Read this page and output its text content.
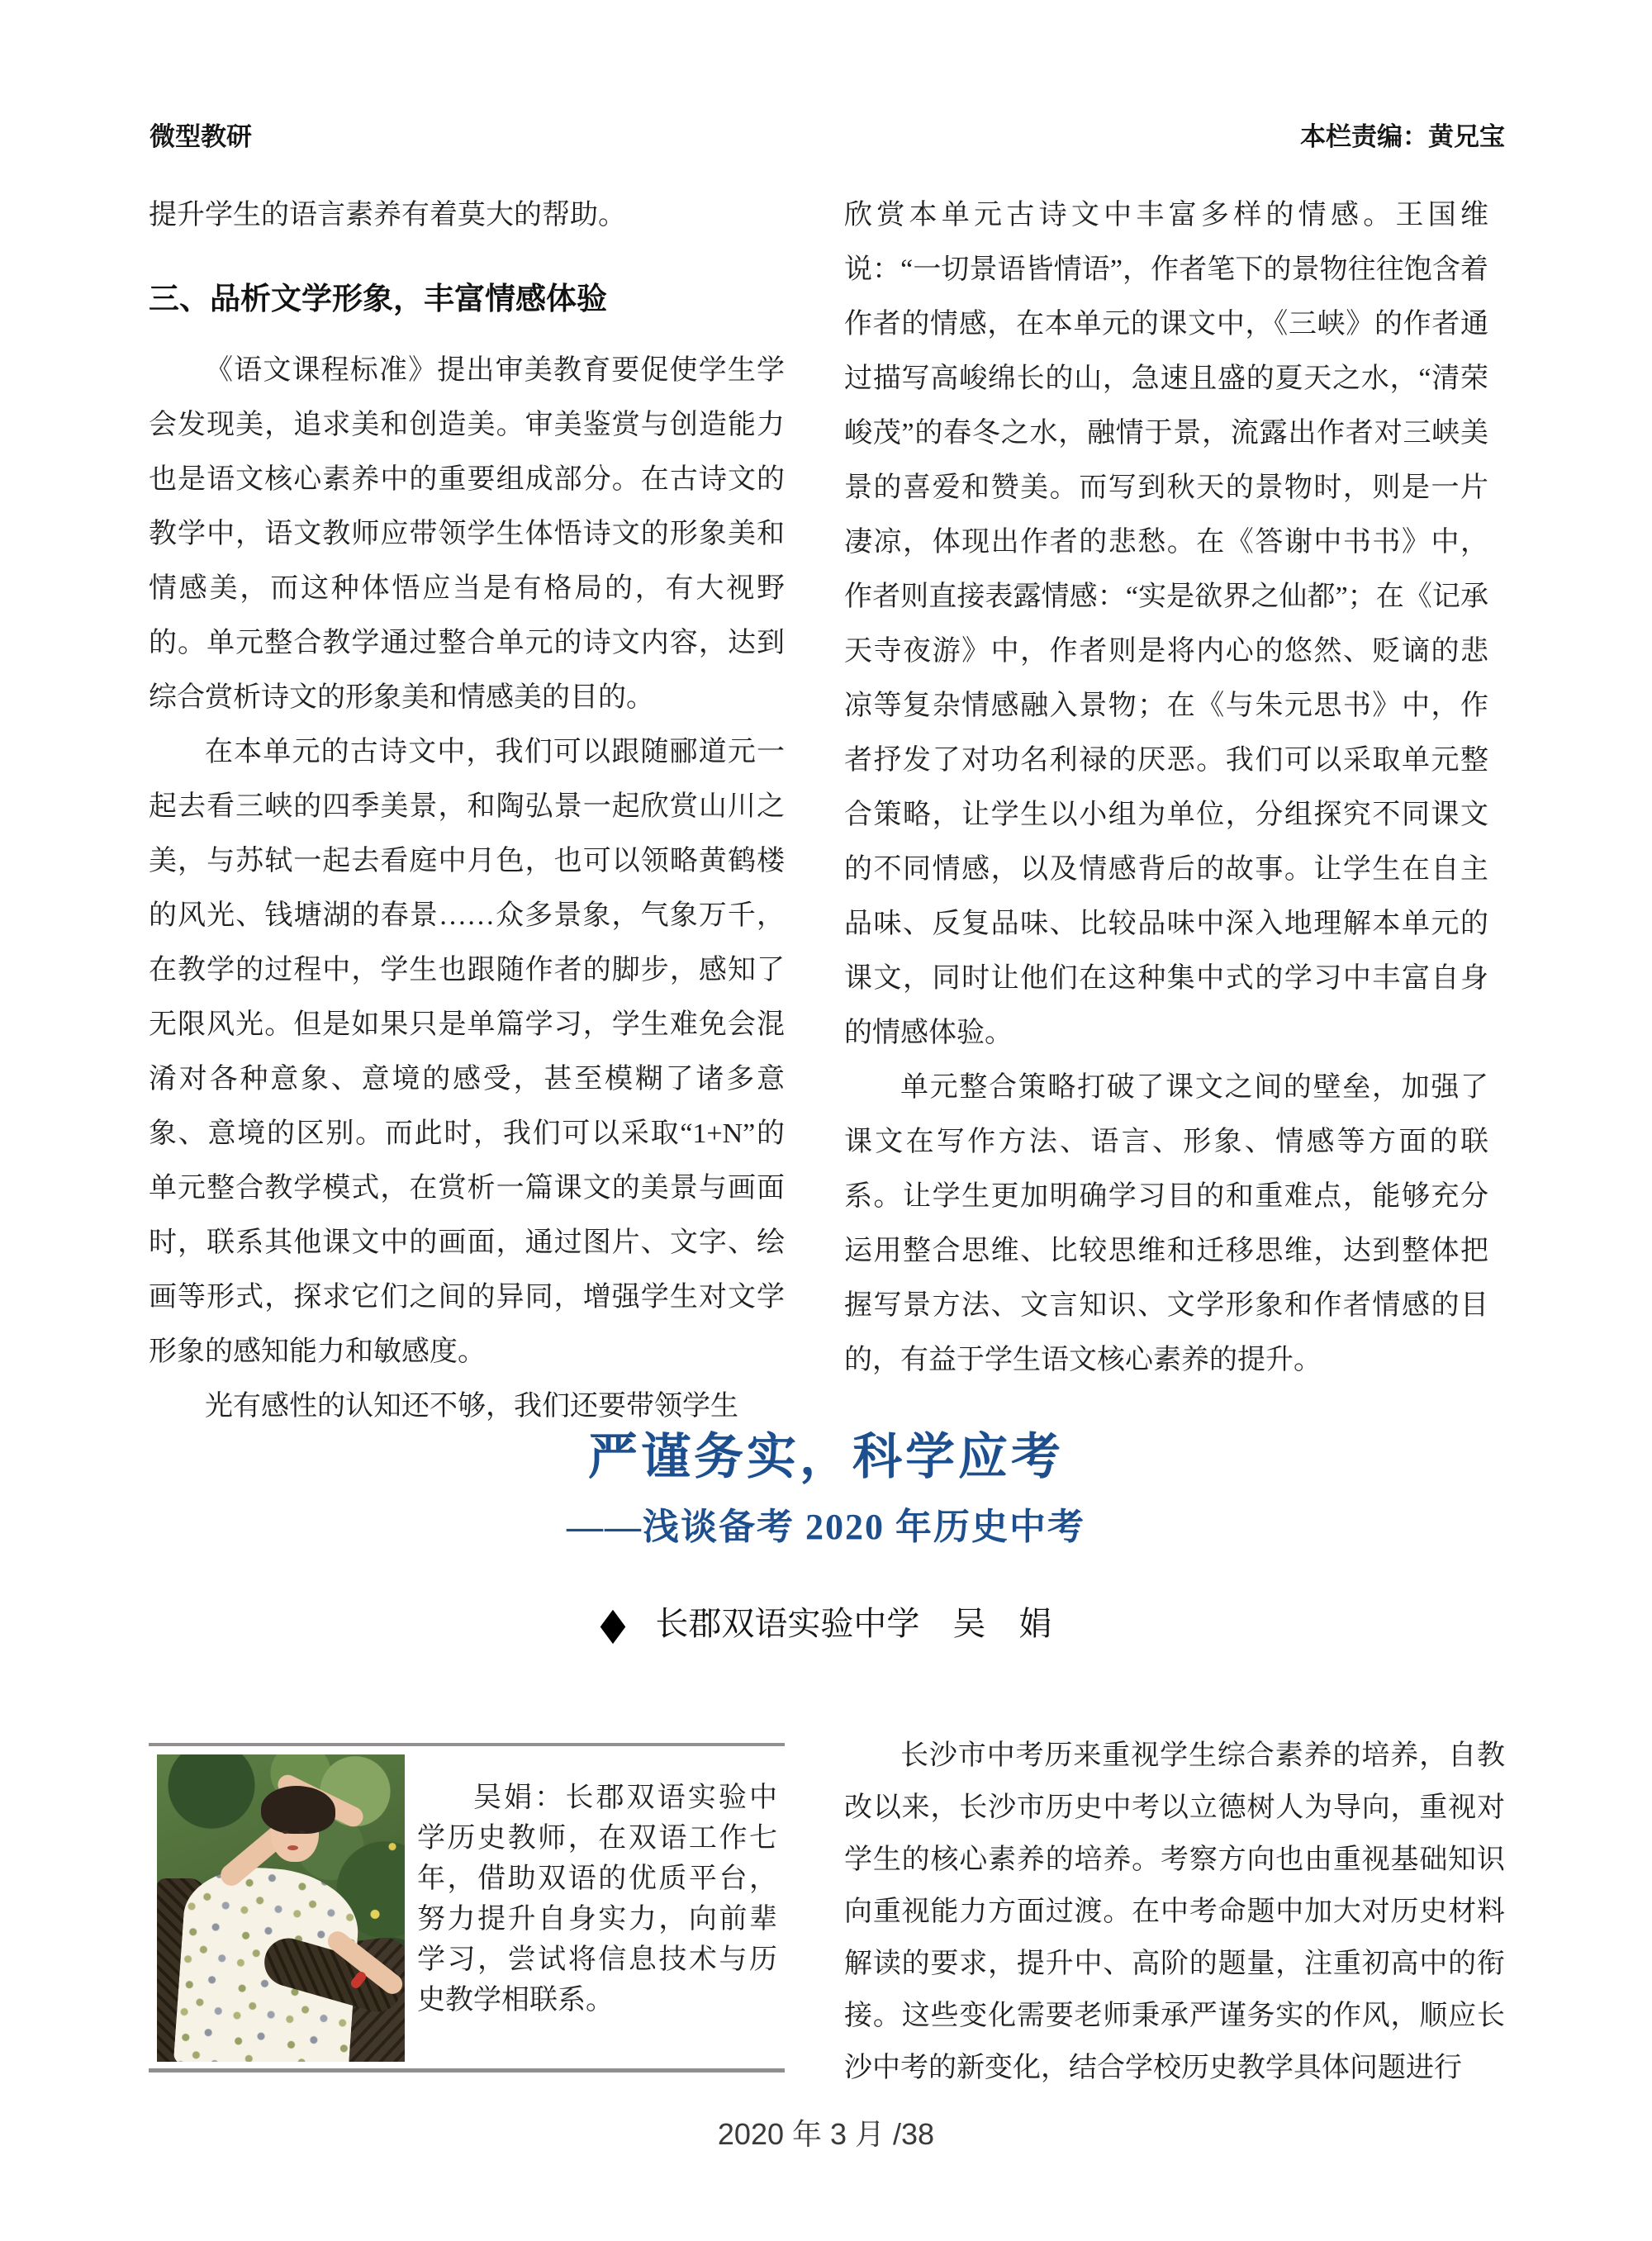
微型教研	本栏责编：黄兄宝

提升学生的语言素养有着莫大的帮助。

三、品析文学形象，丰富情感体验

《语文课程标准》提出审美教育要促使学生学会发现美，追求美和创造美。审美鉴赏与创造能力也是语文核心素养中的重要组成部分。在古诗文的教学中，语文教师应带领学生体悟诗文的形象美和情感美，而这种体悟应当是有格局的，有大视野的。单元整合教学通过整合单元的诗文内容，达到综合赏析诗文的形象美和情感美的目的。

在本单元的古诗文中，我们可以跟随郦道元一起去看三峡的四季美景，和陶弘景一起欣赏山川之美，与苏轼一起去看庭中月色，也可以领略黄鹤楼的风光、钱塘湖的春景……众多景象，气象万千，在教学的过程中，学生也跟随作者的脚步，感知了无限风光。但是如果只是单篇学习，学生难免会混淆对各种意象、意境的感受，甚至模糊了诸多意象、意境的区别。而此时，我们可以采取“1+N”的单元整合教学模式，在赏析一篇课文的美景与画面时，联系其他课文中的画面，通过图片、文字、绘画等形式，探求它们之间的异同，增强学生对文学形象的感知能力和敏感度。

光有感性的认知还不够，我们还要带领学生

欣赏本单元古诗文中丰富多样的情感。王国维说：“一切景语皆情语”，作者笔下的景物往往饱含着作者的情感，在本单元的课文中，《三峡》的作者通过描写高峻绵长的山，急速且盛的夏天之水，“清荣峻茂”的春冬之水，融情于景，流露出作者对三峡美景的喜爱和赞美。而写到秋天的景物时，则是一片凄凉，体现出作者的悲愁。在《答谢中书书》中，作者则直接表露情感：“实是欲界之仙都”；在《记承天寺夜游》中，作者则是将内心的悠然、贬谪的悲凉等复杂情感融入景物；在《与朱元思书》中，作者抒发了对功名利禄的厌恶。我们可以采取单元整合策略，让学生以小组为单位，分组探究不同课文的不同情感，以及情感背后的故事。让学生在自主品味、反复品味、比较品味中深入地理解本单元的课文，同时让他们在这种集中式的学习中丰富自身的情感体验。

单元整合策略打破了课文之间的壁垒，加强了课文在写作方法、语言、形象、情感等方面的联系。让学生更加明确学习目的和重难点，能够充分运用整合思维、比较思维和迁移思维，达到整体把握写景方法、文言知识、文学形象和作者情感的目的，有益于学生语文核心素养的提升。

严谨务实，科学应考
——浅谈备考 2020 年历史中考
◆ 长郡双语实验中学　吴　娟

吴娟：长郡双语实验中学历史教师，在双语工作七年，借助双语的优质平台，努力提升自身实力，向前辈学习，尝试将信息技术与历史教学相联系。

长沙市中考历来重视学生综合素养的培养，自教改以来，长沙市历史中考以立德树人为导向，重视对学生的核心素养的培养。考察方向也由重视基础知识向重视能力方面过渡。在中考命题中加大对历史材料解读的要求，提升中、高阶的题量，注重初高中的衔接。这些变化需要老师秉承严谨务实的作风，顺应长沙中考的新变化，结合学校历史教学具体问题进行

2020 年 3 月 /38
